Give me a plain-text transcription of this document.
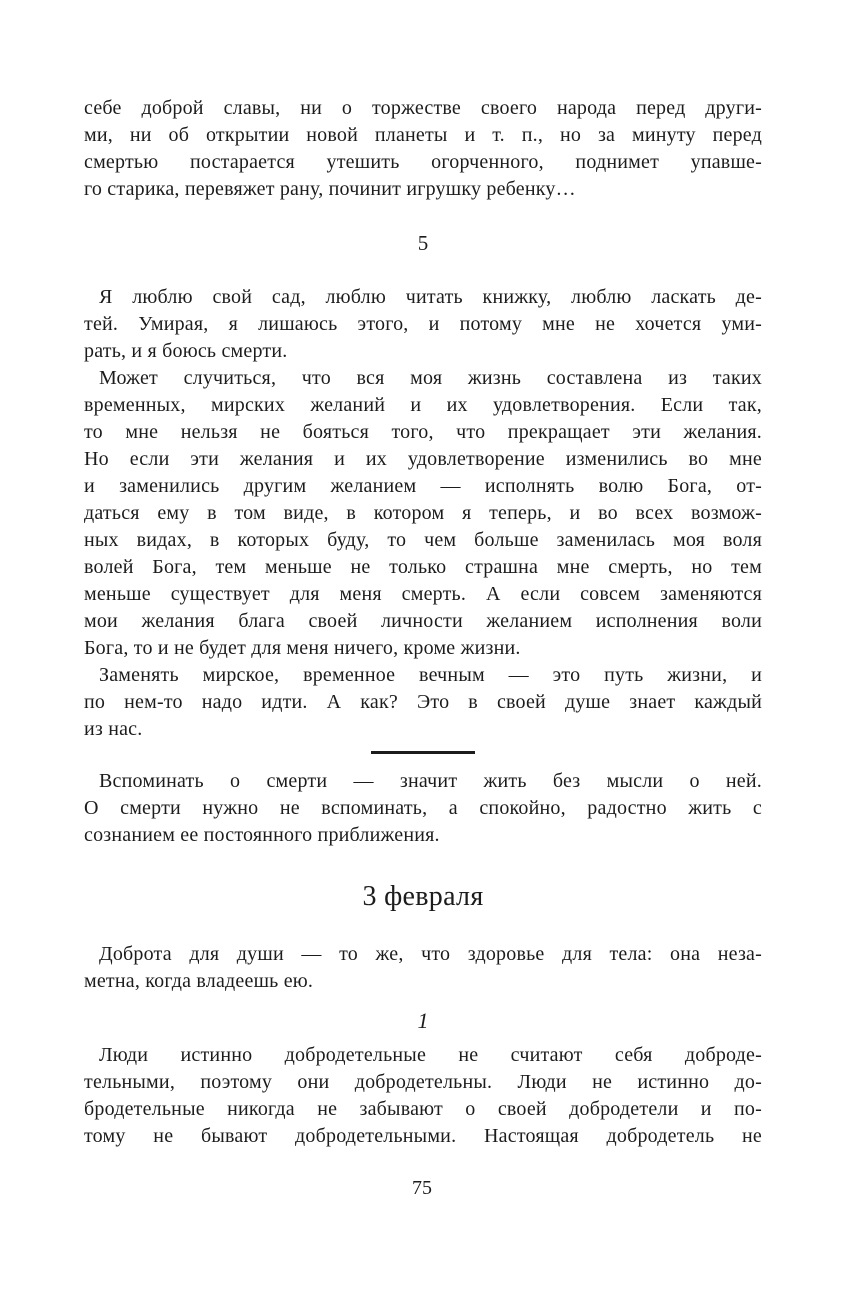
себе доброй славы, ни о торжестве своего народа перед други-
ми, ни об открытии новой планеты и т. п., но за минуту перед
смертью постарается утешить огорченного, поднимет упавше-
го старика, перевяжет рану, починит игрушку ребенку…
5
Я люблю свой сад, люблю читать книжку, люблю ласкать де-
тей. Умирая, я лишаюсь этого, и потому мне не хочется уми-
рать, и я боюсь смерти.
Может случиться, что вся моя жизнь составлена из таких
временных, мирских желаний и их удовлетворения. Если так,
то мне нельзя не бояться того, что прекращает эти желания.
Но если эти желания и их удовлетворение изменились во мне
и заменились другим желанием — исполнять волю Бога, от-
даться ему в том виде, в котором я теперь, и во всех возмож-
ных видах, в которых буду, то чем больше заменилась моя воля
волей Бога, тем меньше не только страшна мне смерть, но тем
меньше существует для меня смерть. А если совсем заменяются
мои желания блага своей личности желанием исполнения воли
Бога, то и не будет для меня ничего, кроме жизни.
Заменять мирское, временное вечным — это путь жизни, и
по нем-то надо идти. А как? Это в своей душе знает каждый
из нас.
Вспоминать о смерти — значит жить без мысли о ней.
О смерти нужно не вспоминать, а спокойно, радостно жить с
сознанием ее постоянного приближения.
3 февраля
Доброта для души — то же, что здоровье для тела: она неза-
метна, когда владеешь ею.
1
Люди истинно добродетельные не считают себя доброде-
тельными, поэтому они добродетельны. Люди не истинно до-
бродетельные никогда не забывают о своей добродетели и по-
тому не бывают добродетельными. Настоящая добродетель не
75
